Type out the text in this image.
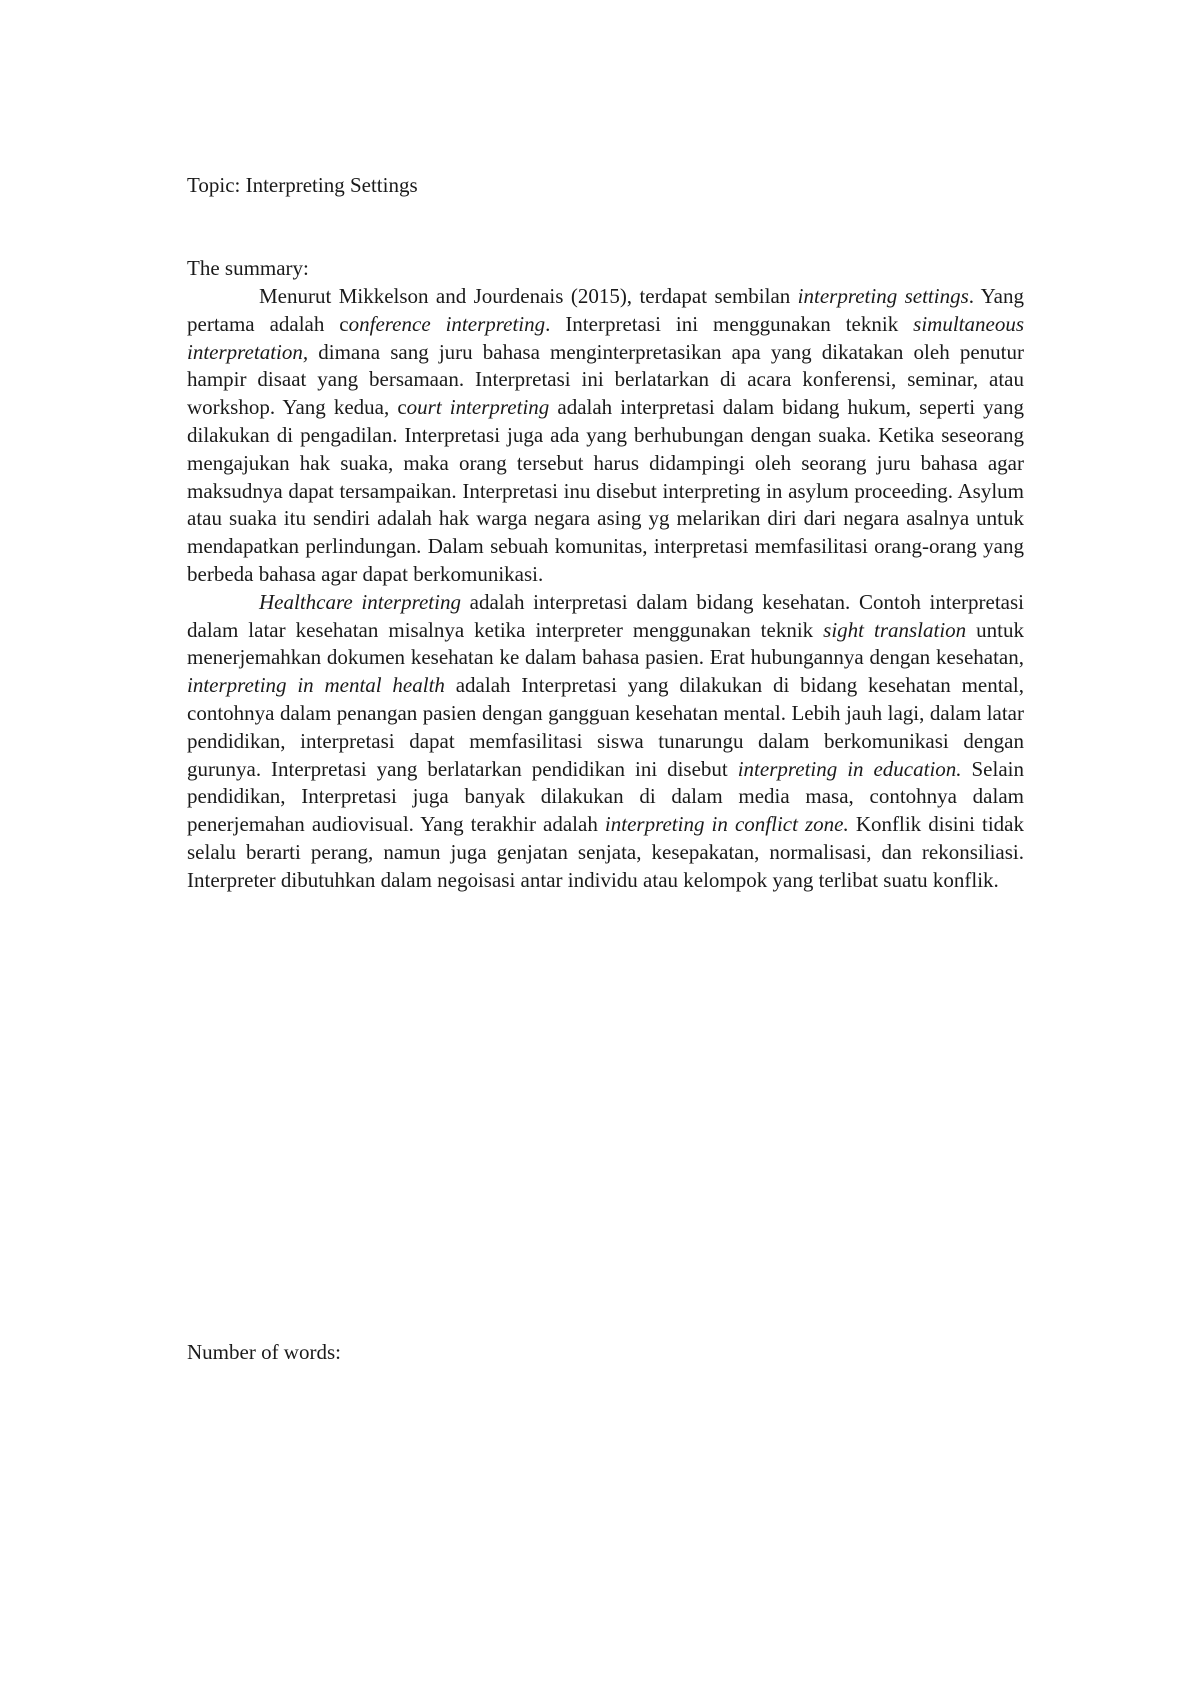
Topic: Interpreting Settings
The summary:

Menurut Mikkelson and Jourdenais (2015), terdapat sembilan interpreting settings. Yang pertama adalah conference interpreting. Interpretasi ini menggunakan teknik simultaneous interpretation, dimana sang juru bahasa menginterpretasikan apa yang dikatakan oleh penutur hampir disaat yang bersamaan. Interpretasi ini berlatarkan di acara konferensi, seminar, atau workshop. Yang kedua, court interpreting adalah interpretasi dalam bidang hukum, seperti yang dilakukan di pengadilan. Interpretasi juga ada yang berhubungan dengan suaka. Ketika seseorang mengajukan hak suaka, maka orang tersebut harus didampingi oleh seorang juru bahasa agar maksudnya dapat tersampaikan. Interpretasi inu disebut interpreting in asylum proceeding. Asylum atau suaka itu sendiri adalah hak warga negara asing yg melarikan diri dari negara asalnya untuk mendapatkan perlindungan. Dalam sebuah komunitas, interpretasi memfasilitasi orang-orang yang berbeda bahasa agar dapat berkomunikasi.

Healthcare interpreting adalah interpretasi dalam bidang kesehatan. Contoh interpretasi dalam latar kesehatan misalnya ketika interpreter menggunakan teknik sight translation untuk menerjemahkan dokumen kesehatan ke dalam bahasa pasien. Erat hubungannya dengan kesehatan, interpreting in mental health adalah Interpretasi yang dilakukan di bidang kesehatan mental, contohnya dalam penangan pasien dengan gangguan kesehatan mental. Lebih jauh lagi, dalam latar pendidikan, interpretasi dapat memfasilitasi siswa tunarungu dalam berkomunikasi dengan gurunya. Interpretasi yang berlatarkan pendidikan ini disebut interpreting in education. Selain pendidikan, Interpretasi juga banyak dilakukan di dalam media masa, contohnya dalam penerjemahan audiovisual. Yang terakhir adalah interpreting in conflict zone. Konflik disini tidak selalu berarti perang, namun juga genjatan senjata, kesepakatan, normalisasi, dan rekonsiliasi. Interpreter dibutuhkan dalam negoisasi antar individu atau kelompok yang terlibat suatu konflik.

Number of words:
